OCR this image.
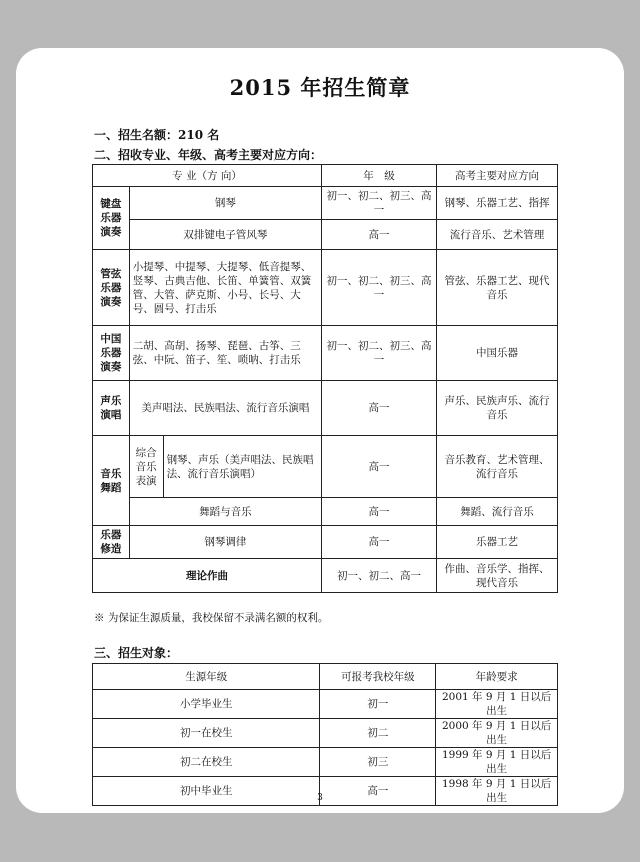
2015 年招生简章
一、招生名额：210 名
二、招收专业、年级、高考主要对应方向：
专 业（方 向）			年　级	高考主要对应方向
键盘乐器演奏	钢琴		初一、初二、初三、高一	钢琴、乐器工艺、指挥
	双排键电子管风琴		高一	流行音乐、艺术管理
管弦乐器演奏	小提琴、中提琴、大提琴、低音提琴、竖琴、古典吉他、长笛、单簧管、双簧管、大管、萨克斯、小号、长号、大号、圆号、打击乐		初一、初二、初三、高一	管弦、乐器工艺、现代音乐
中国乐器演奏	二胡、高胡、扬琴、琵琶、古筝、三弦、中阮、笛子、笙、唢呐、打击乐		初一、初二、初三、高一	中国乐器
声乐演唱	美声唱法、民族唱法、流行音乐演唱		高一	声乐、民族声乐、流行音乐
音乐舞蹈	综合音乐表演	钢琴、声乐（美声唱法、民族唱法、流行音乐演唱）	高一	音乐教育、艺术管理、流行音乐
	舞蹈与音乐		高一	舞蹈、流行音乐
乐器修造	钢琴调律		高一	乐器工艺
理论作曲			初一、初二、高一	作曲、音乐学、指挥、现代音乐
※ 为保证生源质量，我校保留不录满名额的权利。
三、招生对象：
生源年级	可报考我校年级	年龄要求
小学毕业生	初一	2001 年 9 月 1 日以后出生
初一在校生	初二	2000 年 9 月 1 日以后出生
初二在校生	初三	1999 年 9 月 1 日以后出生
初中毕业生	高一	1998 年 9 月 1 日以后出生
3
